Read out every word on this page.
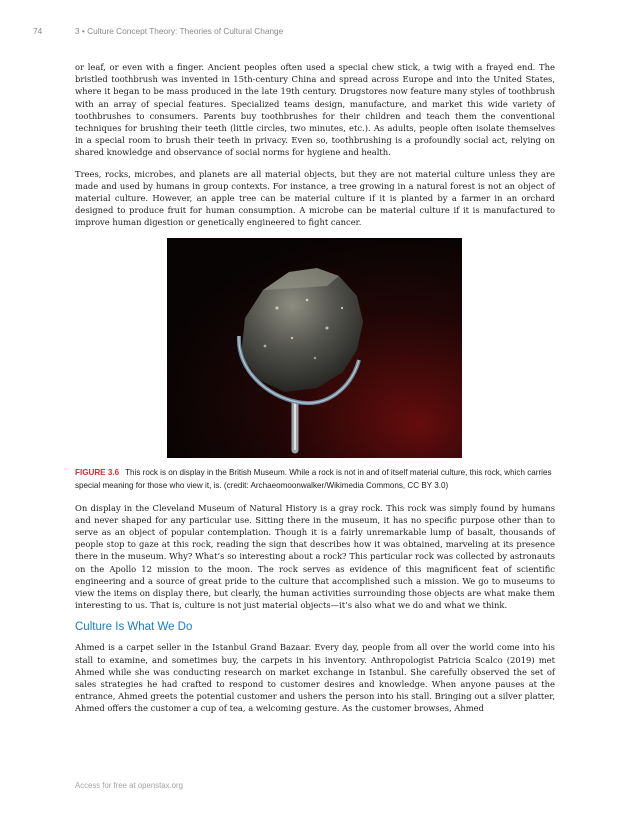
74	3 • Culture Concept Theory: Theories of Cultural Change

or leaf, or even with a finger. Ancient peoples often used a special chew stick, a twig with a frayed end. The bristled toothbrush was invented in 15th-century China and spread across Europe and into the United States, where it began to be mass produced in the late 19th century. Drugstores now feature many styles of toothbrush with an array of special features. Specialized teams design, manufacture, and market this wide variety of toothbrushes to consumers. Parents buy toothbrushes for their children and teach them the conventional techniques for brushing their teeth (little circles, two minutes, etc.). As adults, people often isolate themselves in a special room to brush their teeth in privacy. Even so, toothbrushing is a profoundly social act, relying on shared knowledge and observance of social norms for hygiene and health.

Trees, rocks, microbes, and planets are all material objects, but they are not material culture unless they are made and used by humans in group contexts. For instance, a tree growing in a natural forest is not an object of material culture. However, an apple tree can be material culture if it is planted by a farmer in an orchard designed to produce fruit for human consumption. A microbe can be material culture if it is manufactured to improve human digestion or genetically engineered to fight cancer.

FIGURE 3.6 This rock is on display in the British Museum. While a rock is not in and of itself material culture, this rock, which carries special meaning for those who view it, is. (credit: Archaeomoonwalker/Wikimedia Commons, CC BY 3.0)

On display in the Cleveland Museum of Natural History is a gray rock. This rock was simply found by humans and never shaped for any particular use. Sitting there in the museum, it has no specific purpose other than to serve as an object of popular contemplation. Though it is a fairly unremarkable lump of basalt, thousands of people stop to gaze at this rock, reading the sign that describes how it was obtained, marveling at its presence there in the museum. Why? What’s so interesting about a rock? This particular rock was collected by astronauts on the Apollo 12 mission to the moon. The rock serves as evidence of this magnificent feat of scientific engineering and a source of great pride to the culture that accomplished such a mission. We go to museums to view the items on display there, but clearly, the human activities surrounding those objects are what make them interesting to us. That is, culture is not just material objects—it’s also what we do and what we think.

Culture Is What We Do

Ahmed is a carpet seller in the Istanbul Grand Bazaar. Every day, people from all over the world come into his stall to examine, and sometimes buy, the carpets in his inventory. Anthropologist Patricia Scalco (2019) met Ahmed while she was conducting research on market exchange in Istanbul. She carefully observed the set of sales strategies he had crafted to respond to customer desires and knowledge. When anyone pauses at the entrance, Ahmed greets the potential customer and ushers the person into his stall. Bringing out a silver platter, Ahmed offers the customer a cup of tea, a welcoming gesture. As the customer browses, Ahmed

Access for free at openstax.org
